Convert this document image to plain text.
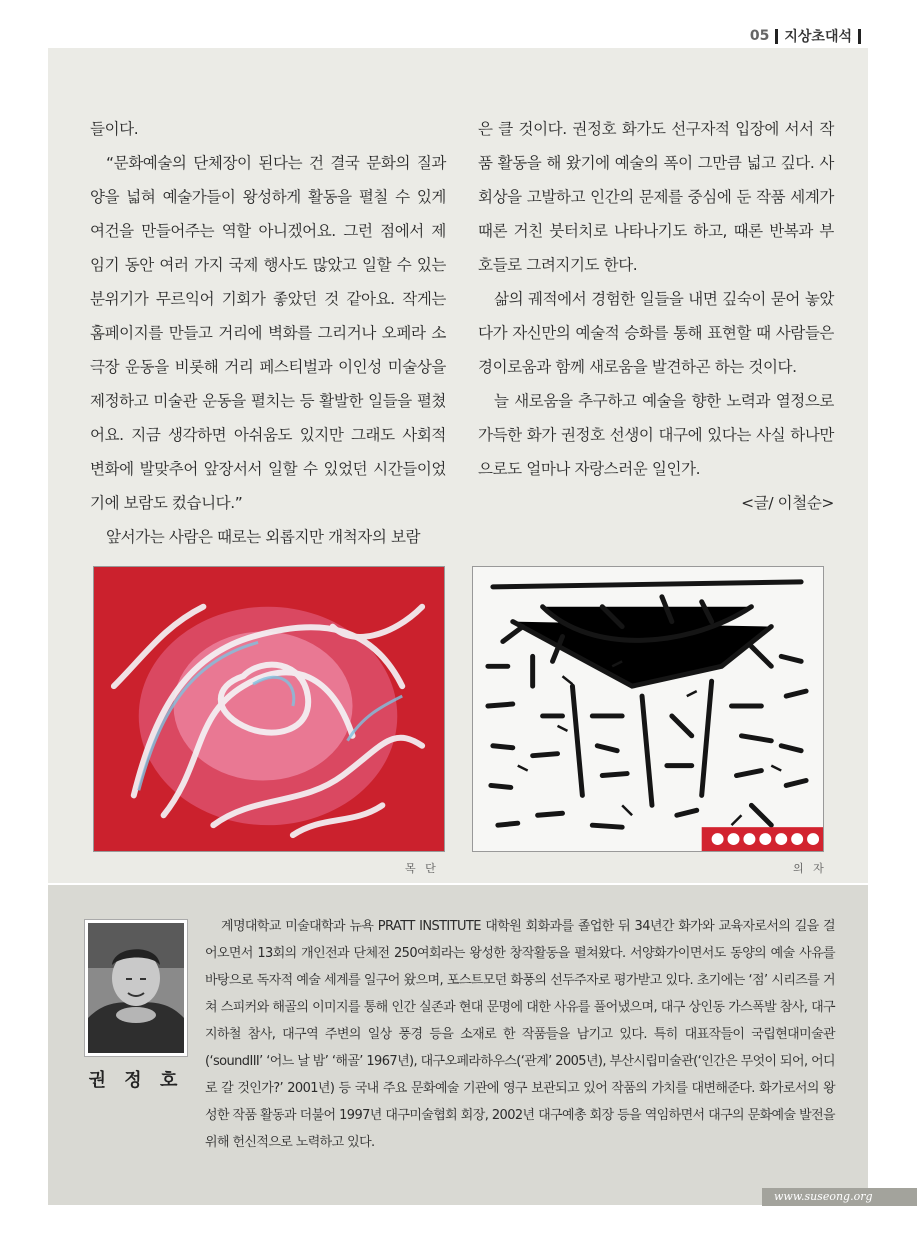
05 지상초대석

들이다.

“문화예술의 단체장이 된다는 건 결국 문화의 질과 양을 넓혀 예술가들이 왕성하게 활동을 펼칠 수 있게 여건을 만들어주는 역할 아니겠어요. 그런 점에서 제 임기 동안 여러 가지 국제 행사도 많았고 일할 수 있는 분위기가 무르익어 기회가 좋았던 것 같아요. 작게는 홈페이지를 만들고 거리에 벽화를 그리거나 오페라 소극장 운동을 비롯해 거리 페스티벌과 이인성 미술상을 제정하고 미술관 운동을 펼치는 등 활발한 일들을 펼쳤어요. 지금 생각하면 아쉬움도 있지만 그래도 사회적 변화에 발맞추어 앞장서서 일할 수 있었던 시간들이었기에 보람도 컸습니다.”

앞서가는 사람은 때로는 외롭지만 개척자의 보람

은 클 것이다. 권정호 화가도 선구자적 입장에 서서 작품 활동을 해 왔기에 예술의 폭이 그만큼 넓고 깊다. 사회상을 고발하고 인간의 문제를 중심에 둔 작품 세계가 때론 거친 붓터치로 나타나기도 하고, 때론 반복과 부호들로 그려지기도 한다.

삶의 궤적에서 경험한 일들을 내면 깊숙이 묻어 놓았다가 자신만의 예술적 승화를 통해 표현할 때 사람들은 경이로움과 함께 새로움을 발견하곤 하는 것이다.

늘 새로움을 추구하고 예술을 향한 노력과 열정으로 가득한 화가 권정호 선생이 대구에 있다는 사실 하나만으로도 얼마나 자랑스러운 일인가.

<글/ 이철순>

목 단	의 자
권 정 호

계명대학교 미술대학과 뉴욕 PRATT INSTITUTE 대학원 회화과를 졸업한 뒤 34년간 화가와 교육자로서의 길을 걸어오면서 13회의 개인전과 단체전 250여회라는 왕성한 창작활동을 펼쳐왔다. 서양화가이면서도 동양의 예술 사유를 바탕으로 독자적 예술 세계를 일구어 왔으며, 포스트모던 화풍의 선두주자로 평가받고 있다. 초기에는 ‘점’ 시리즈를 거쳐 스피커와 해골의 이미지를 통해 인간 실존과 현대 문명에 대한 사유를 풀어냈으며, 대구 상인동 가스폭발 참사, 대구 지하철 참사, 대구역 주변의 일상 풍경 등을 소재로 한 작품들을 남기고 있다. 특히 대표작들이 국립현대미술관(‘soundIII’ ‘어느 날 밤’ ‘해골’ 1967년), 대구오페라하우스(‘관계’ 2005년), 부산시립미술관(‘인간은 무엇이 되어, 어디로 갈 것인가?’ 2001년) 등 국내 주요 문화예술 기관에 영구 보관되고 있어 작품의 가치를 대변해준다. 화가로서의 왕성한 작품 활동과 더불어 1997년 대구미술협회 회장, 2002년 대구예총 회장 등을 역임하면서 대구의 문화예술 발전을 위해 헌신적으로 노력하고 있다.

www.suseong.org
